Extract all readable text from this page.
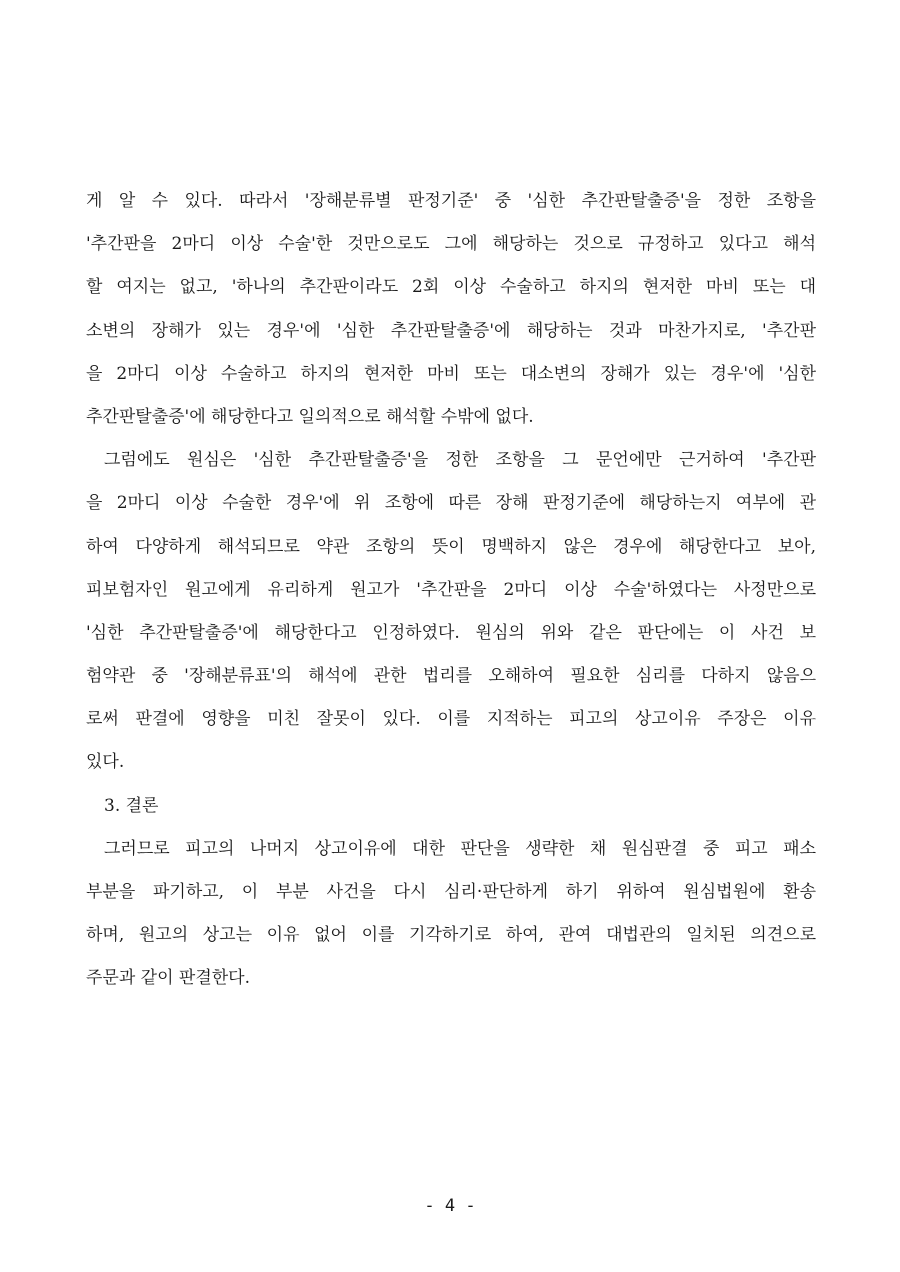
게 알 수 있다. 따라서 '장해분류별 판정기준' 중 '심한 추간판탈출증'을 정한 조항을
'추간판을 2마디 이상 수술'한 것만으로도 그에 해당하는 것으로 규정하고 있다고 해석
할 여지는 없고, '하나의 추간판이라도 2회 이상 수술하고 하지의 현저한 마비 또는 대
소변의 장해가 있는 경우'에 '심한 추간판탈출증'에 해당하는 것과 마찬가지로, '추간판
을 2마디 이상 수술하고 하지의 현저한 마비 또는 대소변의 장해가 있는 경우'에 '심한
추간판탈출증'에 해당한다고 일의적으로 해석할 수밖에 없다.
그럼에도 원심은 '심한 추간판탈출증'을 정한 조항을 그 문언에만 근거하여 '추간판
을 2마디 이상 수술한 경우'에 위 조항에 따른 장해 판정기준에 해당하는지 여부에 관
하여 다양하게 해석되므로 약관 조항의 뜻이 명백하지 않은 경우에 해당한다고 보아,
피보험자인 원고에게 유리하게 원고가 '추간판을 2마디 이상 수술'하였다는 사정만으로
'심한 추간판탈출증'에 해당한다고 인정하였다. 원심의 위와 같은 판단에는 이 사건 보
험약관 중 '장해분류표'의 해석에 관한 법리를 오해하여 필요한 심리를 다하지 않음으
로써 판결에 영향을 미친 잘못이 있다. 이를 지적하는 피고의 상고이유 주장은 이유
있다.
3. 결론
그러므로 피고의 나머지 상고이유에 대한 판단을 생략한 채 원심판결 중 피고 패소
부분을 파기하고, 이 부분 사건을 다시 심리·판단하게 하기 위하여 원심법원에 환송
하며, 원고의 상고는 이유 없어 이를 기각하기로 하여, 관여 대법관의 일치된 의견으로
주문과 같이 판결한다.
- 4 -
